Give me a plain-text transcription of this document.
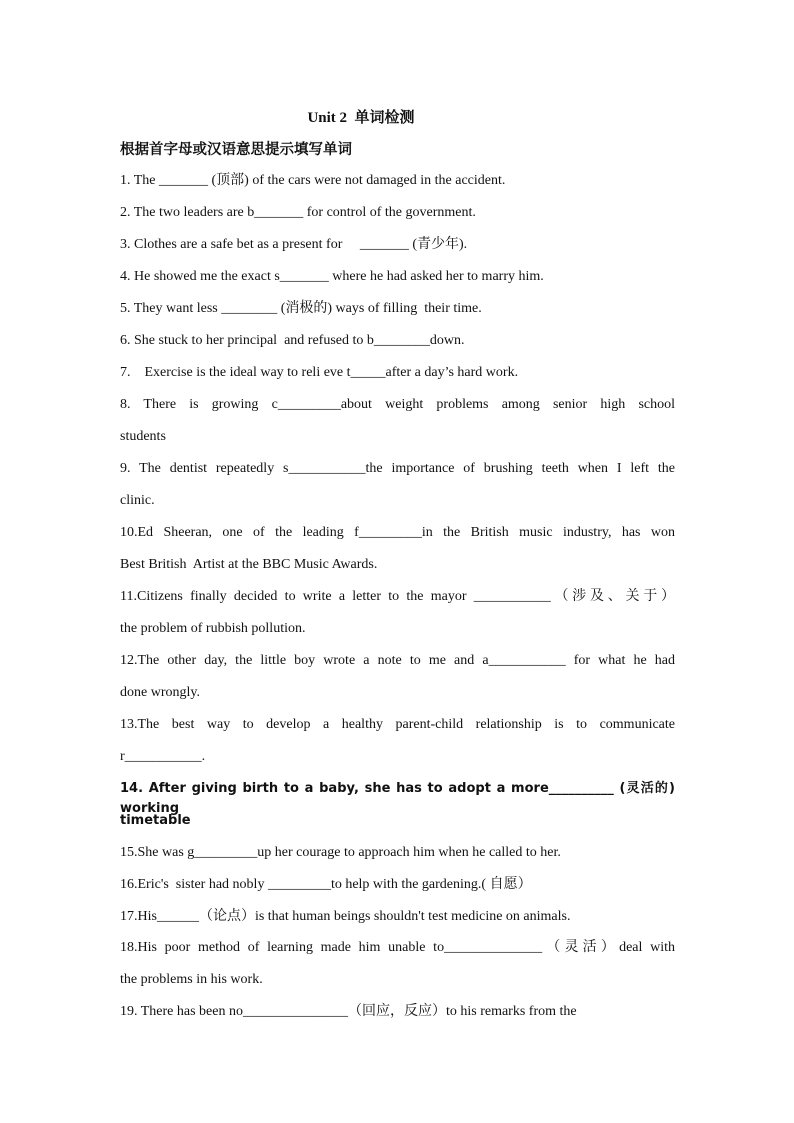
Unit 2  单词检测
根据首字母或汉语意思提示填写单词
1. The _______ (顶部) of the cars were not damaged in the accident.
2. The two leaders are b_______ for control of the government.
3. Clothes are a safe bet as a present for     _______ (青少年).
4. He showed me the exact s_______ where he had asked her to marry him.
5. They want less ________ (消极的) ways of filling  their time.
6. She stuck to her principal  and refused to b________down.
7.    Exercise is the ideal way to reli eve t_____after a day’s hard work.
8. There is growing c_________about weight problems among senior high school
students
9. The dentist repeatedly s___________the importance of brushing teeth when I left the
clinic.
10.Ed Sheeran, one of the leading f_________in the British music industry, has won
Best British  Artist at the BBC Music Awards.
11.Citizens finally decided to write a letter to the mayor ___________（涉及、关于）
the problem of rubbish pollution.
12.The other day, the little boy wrote a note to me and a___________ for what he had
done wrongly.
13.The best way to develop a healthy parent-child relationship is to communicate
r___________.
14. After giving birth to a baby, she has to adopt a more__________ (灵活的) working
timetable
15.She was g_________up her courage to approach him when he called to her.
16.Eric's  sister had nobly _________to help with the gardening.( 自愿）
17.His______（论点）is that human beings shouldn't test medicine on animals.
18.His poor method of learning made him unable to______________（灵活）deal with
the problems in his work.
19. There has been no_______________（回应，反应）to his remarks from the
